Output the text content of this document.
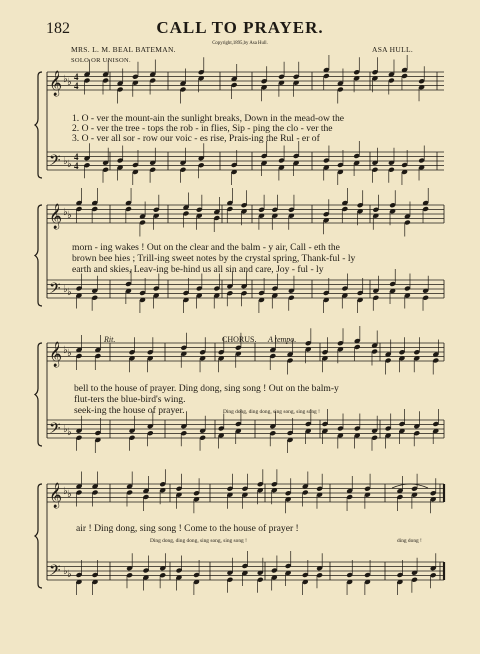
182	CALL TO PRAYER.
Copyright,1895,by Asa Hull.
MRS. L. M. BEAL BATEMAN.	ASA HULL.
SOLO OR UNISON.
𝄞
𝄢
♭ ♭
♭ ♭
4
4
4
4
𝄞
𝄢
♭ ♭
♭ ♭
𝄞
𝄢
♭ ♭
♭ ♭
𝄞
𝄢
♭ ♭
♭ ♭
1. O - ver the mount-ain the sunlight breaks, Down in the mead-ow the
2. O - ver the tree - tops the rob - in flies, Sip - ping the clo - ver the
3. O - ver all sor - row our voic - es rise, Prais-ing the Rul - er of
morn - ing wakes ! Out on the clear and the balm - y air, Call - eth the
brown bee hies ; Trill-ing sweet notes by the crystal spring, Thank-ful - ly
earth and skies, Leav-ing be-hind us all sin and care, Joy - ful - ly
Rit.	CHORUS. A tempo.
bell to the house of prayer. Ding dong, sing song ! Out on the balm-y
flut-ters the blue-bird's wing.
seek-ing the house of prayer.	Ding dong, ding dong, sing song, sing song !
air ! Ding dong, sing song ! Come to the house of prayer !
Ding dong, ding dong, sing song, sing song !	ding dong !
